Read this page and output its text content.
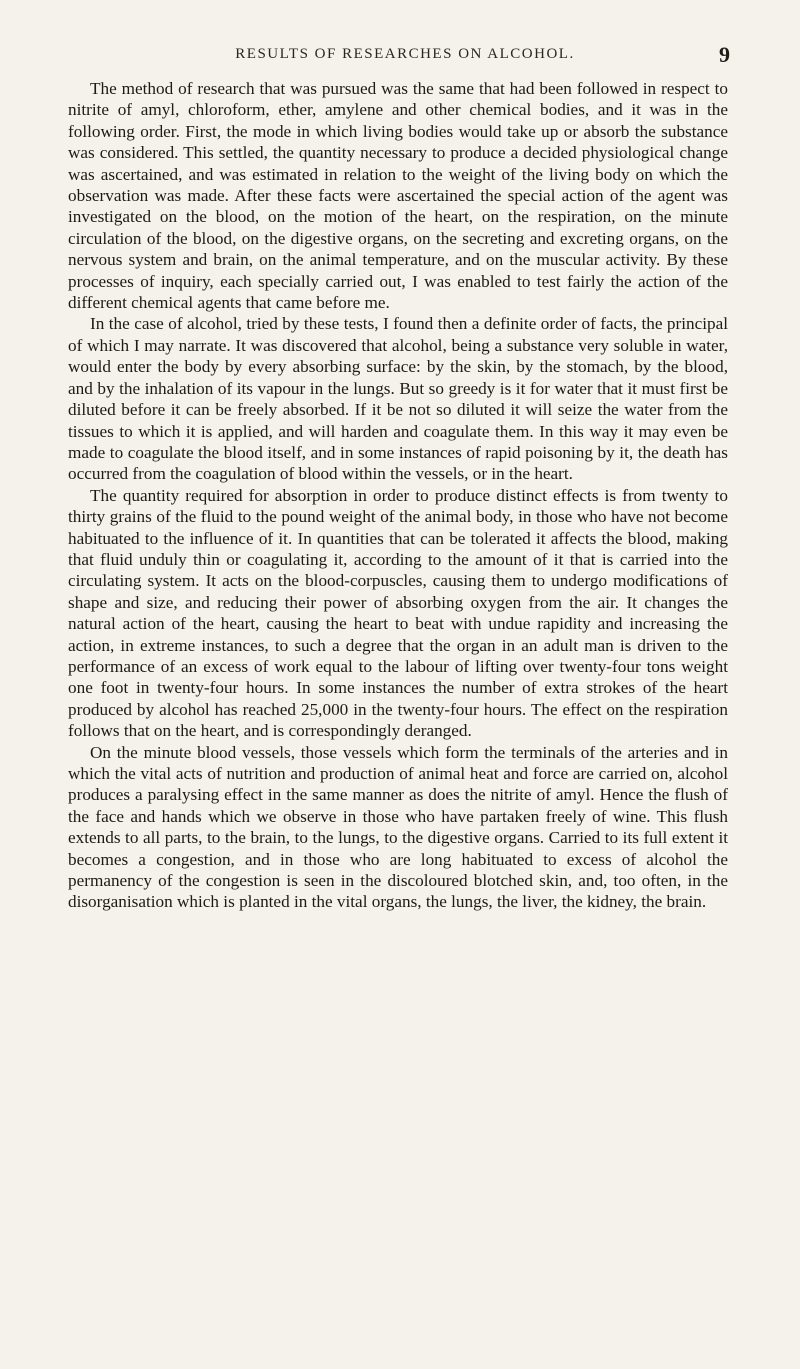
RESULTS OF RESEARCHES ON ALCOHOL.	9

The method of research that was pursued was the same that had been followed in respect to nitrite of amyl, chloroform, ether, amylene and other chemical bodies, and it was in the following order. First, the mode in which living bodies would take up or absorb the substance was considered. This settled, the quantity necessary to produce a decided physiological change was ascertained, and was estimated in relation to the weight of the living body on which the observation was made. After these facts were ascertained the special action of the agent was investigated on the blood, on the motion of the heart, on the respiration, on the minute circulation of the blood, on the digestive organs, on the secreting and excreting organs, on the nervous system and brain, on the animal temperature, and on the muscular activity. By these processes of inquiry, each specially carried out, I was enabled to test fairly the action of the different chemical agents that came before me.

In the case of alcohol, tried by these tests, I found then a definite order of facts, the principal of which I may narrate. It was discovered that alcohol, being a substance very soluble in water, would enter the body by every absorbing surface: by the skin, by the stomach, by the blood, and by the inhalation of its vapour in the lungs. But so greedy is it for water that it must first be diluted before it can be freely absorbed. If it be not so diluted it will seize the water from the tissues to which it is applied, and will harden and coagulate them. In this way it may even be made to coagulate the blood itself, and in some instances of rapid poisoning by it, the death has occurred from the coagulation of blood within the vessels, or in the heart.

The quantity required for absorption in order to produce distinct effects is from twenty to thirty grains of the fluid to the pound weight of the animal body, in those who have not become habituated to the influence of it. In quantities that can be tolerated it affects the blood, making that fluid unduly thin or coagulating it, according to the amount of it that is carried into the circulating system. It acts on the blood-corpuscles, causing them to undergo modifications of shape and size, and reducing their power of absorbing oxygen from the air. It changes the natural action of the heart, causing the heart to beat with undue rapidity and increasing the action, in extreme instances, to such a degree that the organ in an adult man is driven to the performance of an excess of work equal to the labour of lifting over twenty-four tons weight one foot in twenty-four hours. In some instances the number of extra strokes of the heart produced by alcohol has reached 25,000 in the twenty-four hours. The effect on the respiration follows that on the heart, and is correspondingly deranged.

On the minute blood vessels, those vessels which form the terminals of the arteries and in which the vital acts of nutrition and production of animal heat and force are carried on, alcohol produces a paralysing effect in the same manner as does the nitrite of amyl. Hence the flush of the face and hands which we observe in those who have partaken freely of wine. This flush extends to all parts, to the brain, to the lungs, to the digestive organs. Carried to its full extent it becomes a congestion, and in those who are long habituated to excess of alcohol the permanency of the congestion is seen in the discoloured blotched skin, and, too often, in the disorganisation which is planted in the vital organs, the lungs, the liver, the kidney, the brain.
